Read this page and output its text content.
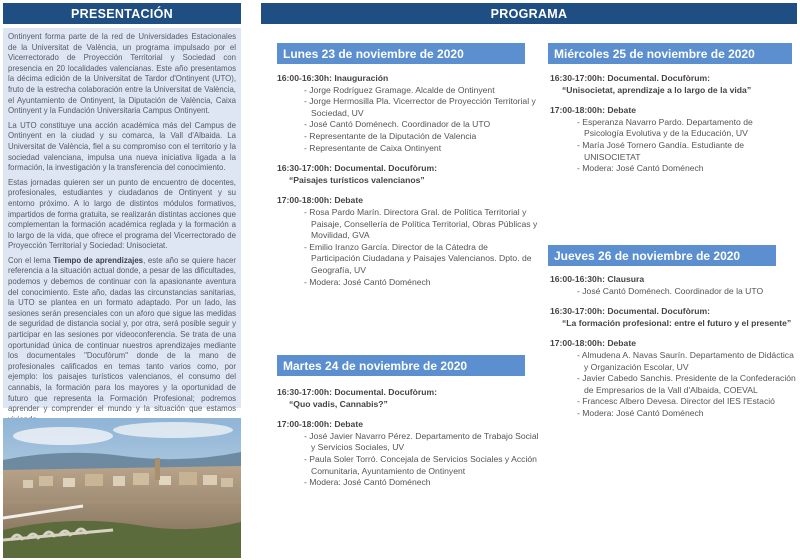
PRESENTACIÓN	PROGRAMA

Ontinyent forma parte de la red de Universidades Estacionales de la Universitat de València, un programa impulsado por el Vicerrectorado de Proyección Territorial y Sociedad con presencia en 20 localidades valencianas. Este año presentamos la décima edición de la Universitat de Tardor d'Ontinyent (UTO), fruto de la estrecha colaboración entre la Universitat de València, el Ayuntamiento de Ontinyent, la Diputación de València, Caixa Ontinyent y la Fundación Universitaria Campus Ontinyent.

La UTO constituye una acción académica más del Campus de Ontinyent en la ciudad y su comarca, la Vall d'Albaida. La Universitat de València, fiel a su compromiso con el territorio y la sociedad valenciana, impulsa una nueva iniciativa ligada a la formación, la investigación y la transferencia del conocimiento.

Estas jornadas quieren ser un punto de encuentro de docentes, profesionales, estudiantes y ciudadanos de Ontinyent y su entorno próximo. A lo largo de distintos módulos formativos, impartidos de forma gratuita, se realizarán distintas acciones que complementan la formación académica reglada y la formación a lo largo de la vida, que ofrece el programa del Vicerrectorado de Proyección Territorial y Sociedad: Unisocietat.

Con el lema Tiempo de aprendizajes, este año se quiere hacer referencia a la situación actual donde, a pesar de las dificultades, podemos y debemos de continuar con la apasionante aventura del conocimiento. Este año, dadas las circunstancias sanitarias, la UTO se plantea en un formato adaptado. Por un lado, las sesiones serán presenciales con un aforo que sigue las medidas de seguridad de distancia social y, por otra, será posible seguir y participar en las sesiones por videoconferencia. Se trata de una oportunidad única de continuar nuestros aprendizajes mediante los documentales "Docufòrum" donde de la mano de profesionales calificados en temas tanto varios como, por ejemplo: los paisajes turísticos valencianos, el consumo del cannabis, la formación para los mayores y la oportunidad de futuro que representa la Formación Profesional; podremos aprender y comprender el mundo y la situación que estamos

Lunes 23 de noviembre de 2020

16:00-16:30h: Inauguración

- Jorge Rodríguez Gramage. Alcalde de Ontinyent
- Jorge Hermosilla Pla. Vicerrector de Proyección Territorial y Sociedad, UV
- José Cantó Doménech. Coordinador de la UTO
- Representante de la Diputación de Valencia
- Representante de Caixa Ontinyent

16:30-17:00h: Documental. Docufòrum:

“Paisajes turísticos valencianos”

17:00-18:00h: Debate

- Rosa Pardo Marín. Directora Gral. de Política Territorial y Paisaje, Consellería de Política Territorial, Obras Públicas y Movilidad, GVA
- Emilio Iranzo García. Director de la Cátedra de Participación Ciudadana y Paisajes Valencianos. Dpto. de Geografía, UV
- Modera: José Cantó Doménech
Martes 24 de noviembre de 2020

16:30-17:00h: Documental. Docufòrum:

“Quo vadis, Cannabis?”

17:00-18:00h: Debate

- José Javier Navarro Pérez. Departamento de Trabajo Social y Servicios Sociales, UV
- Paula Soler Torró. Concejala de Servicios Sociales y Acción Comunitaria, Ayuntamiento de Ontinyent
- Modera: José Cantó Doménech
Miércoles 25 de noviembre de 2020

16:30-17:00h: Documental. Docufòrum:

“Unisocietat, aprendizaje a lo largo de la vida”

17:00-18:00h: Debate

- Esperanza Navarro Pardo. Departamento de Psicología Evolutiva y de la Educación, UV
- María José Tornero Gandía. Estudiante de UNISOCIETAT
- Modera: José Cantó Doménech
Jueves 26 de noviembre de 2020

16:00-16:30h: Clausura

- José Cantó Doménech. Coordinador de la UTO

16:30-17:00h: Documental. Docufòrum:

“La formación profesional: entre el futuro y el presente”

17:00-18:00h: Debate

- Almudena A. Navas Saurín. Departamento de Didáctica y Organización Escolar, UV
- Javier Cabedo Sanchis. Presidente de la Confederación de Empresarios de la Vall d'Albaida, COEVAL
- Francesc Albero Devesa. Director del IES l'Estació
- Modera: José Cantó Doménech
